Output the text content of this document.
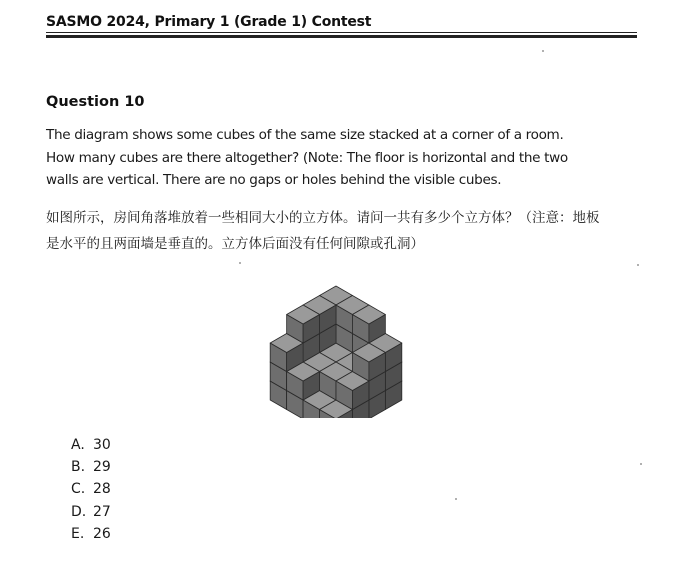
SASMO 2024, Primary 1 (Grade 1) Contest
Question 10
The diagram shows some cubes of the same size stacked at a corner of a room.
How many cubes are there altogether? (Note: The floor is horizontal and the two
walls are vertical. There are no gaps or holes behind the visible cubes.
如图所示，房间角落堆放着一些相同大小的立方体。请问一共有多少个立方体？（注意：地板
是水平的且两面墙是垂直的。立方体后面没有任何间隙或孔洞）
A. 30
B. 29
C. 28
D. 27
E. 26
